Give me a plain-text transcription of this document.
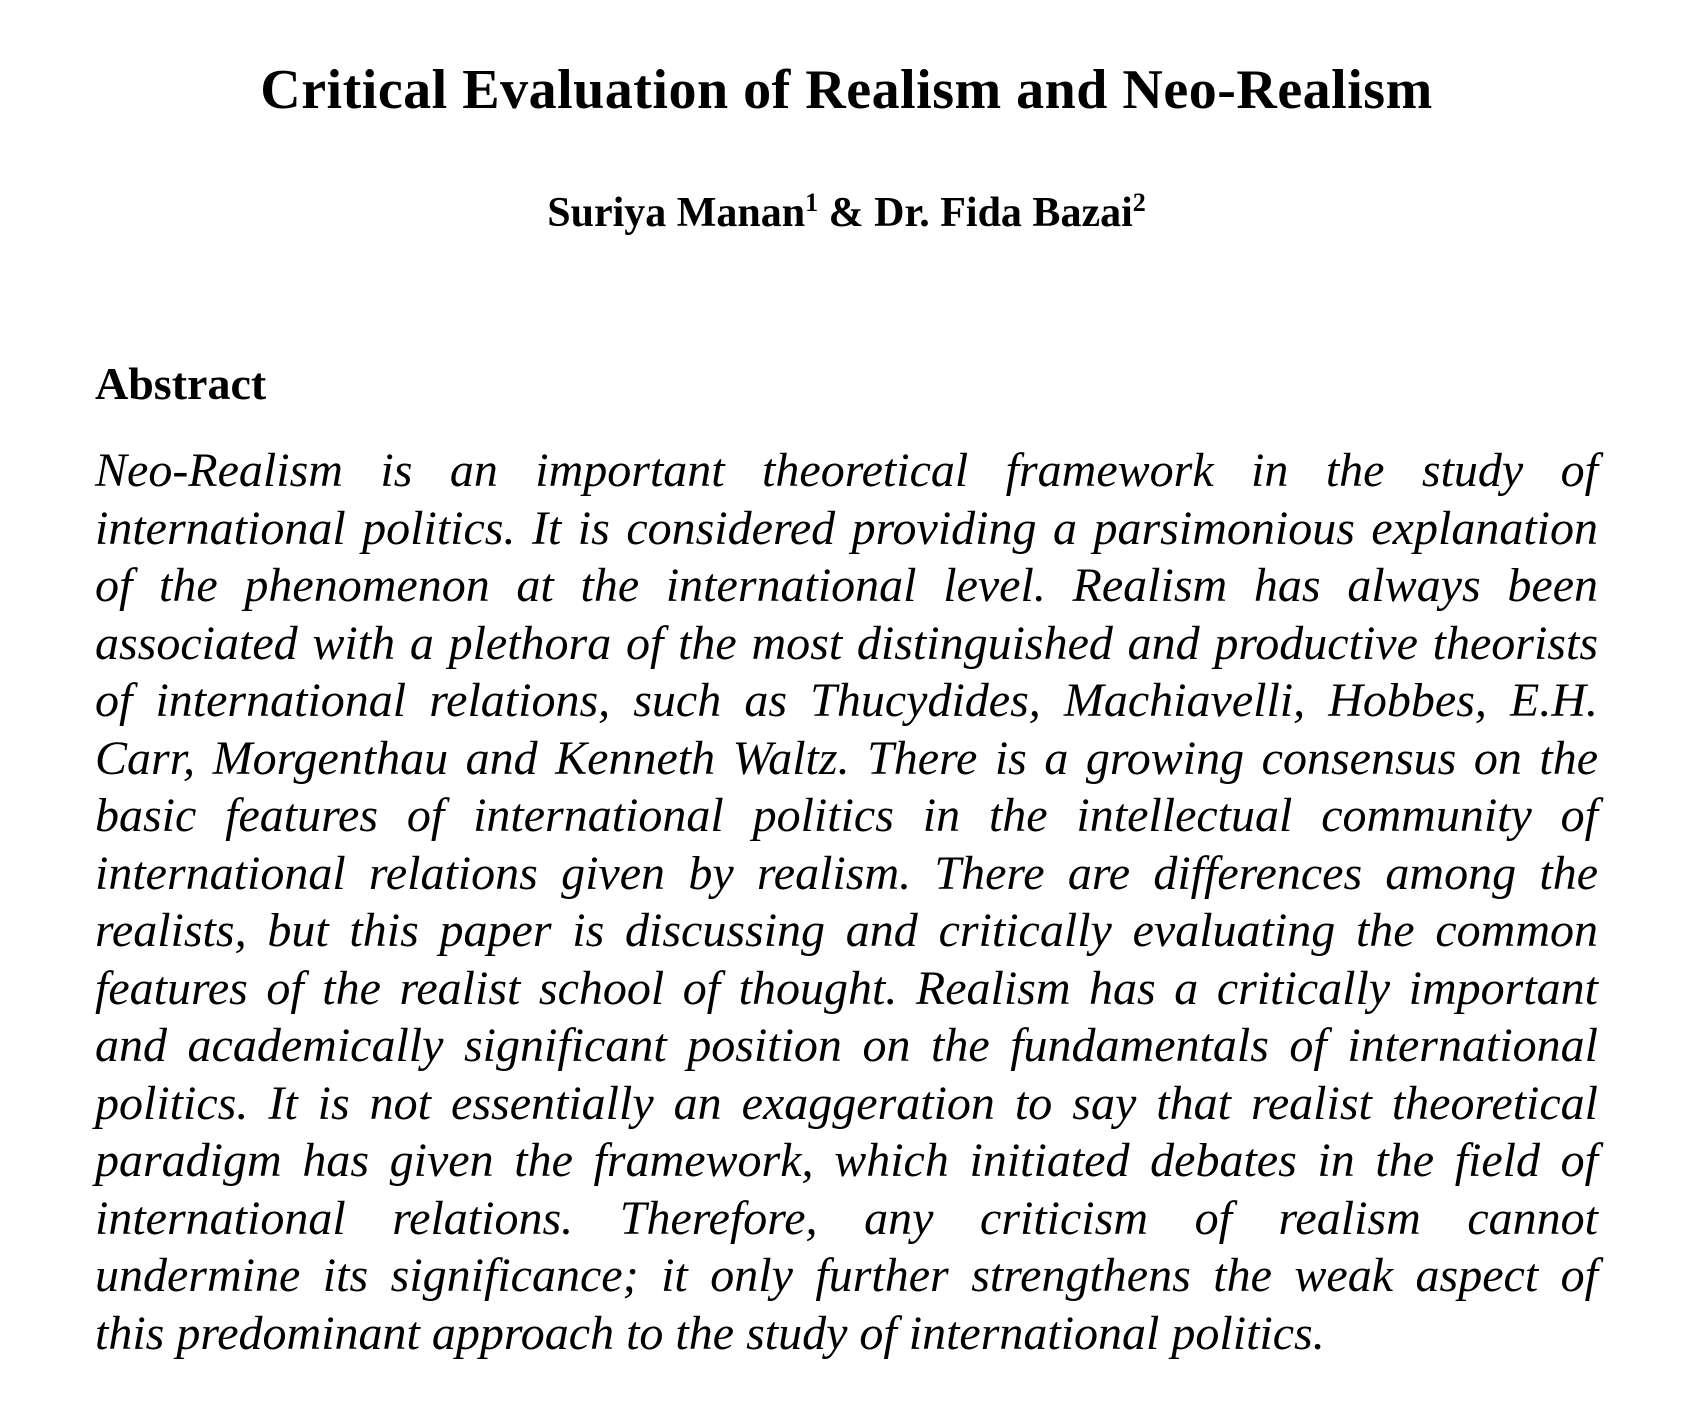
Critical Evaluation of Realism and Neo-Realism
Suriya Manan$^1$ & Dr. Fida Bazai$^2$
Abstract
Neo-Realism is an important theoretical framework in the study of
international politics. It is considered providing a parsimonious explanation
of the phenomenon at the international level. Realism has always been
associated with a plethora of the most distinguished and productive theorists
of international relations, such as Thucydides, Machiavelli, Hobbes, E.H.
Carr, Morgenthau and Kenneth Waltz. There is a growing consensus on the
basic features of international politics in the intellectual community of
international relations given by realism. There are differences among the
realists, but this paper is discussing and critically evaluating the common
features of the realist school of thought. Realism has a critically important
and academically significant position on the fundamentals of international
politics. It is not essentially an exaggeration to say that realist theoretical
paradigm has given the framework, which initiated debates in the field of
international relations. Therefore, any criticism of realism cannot
undermine its significance; it only further strengthens the weak aspect of
this predominant approach to the study of international politics.
